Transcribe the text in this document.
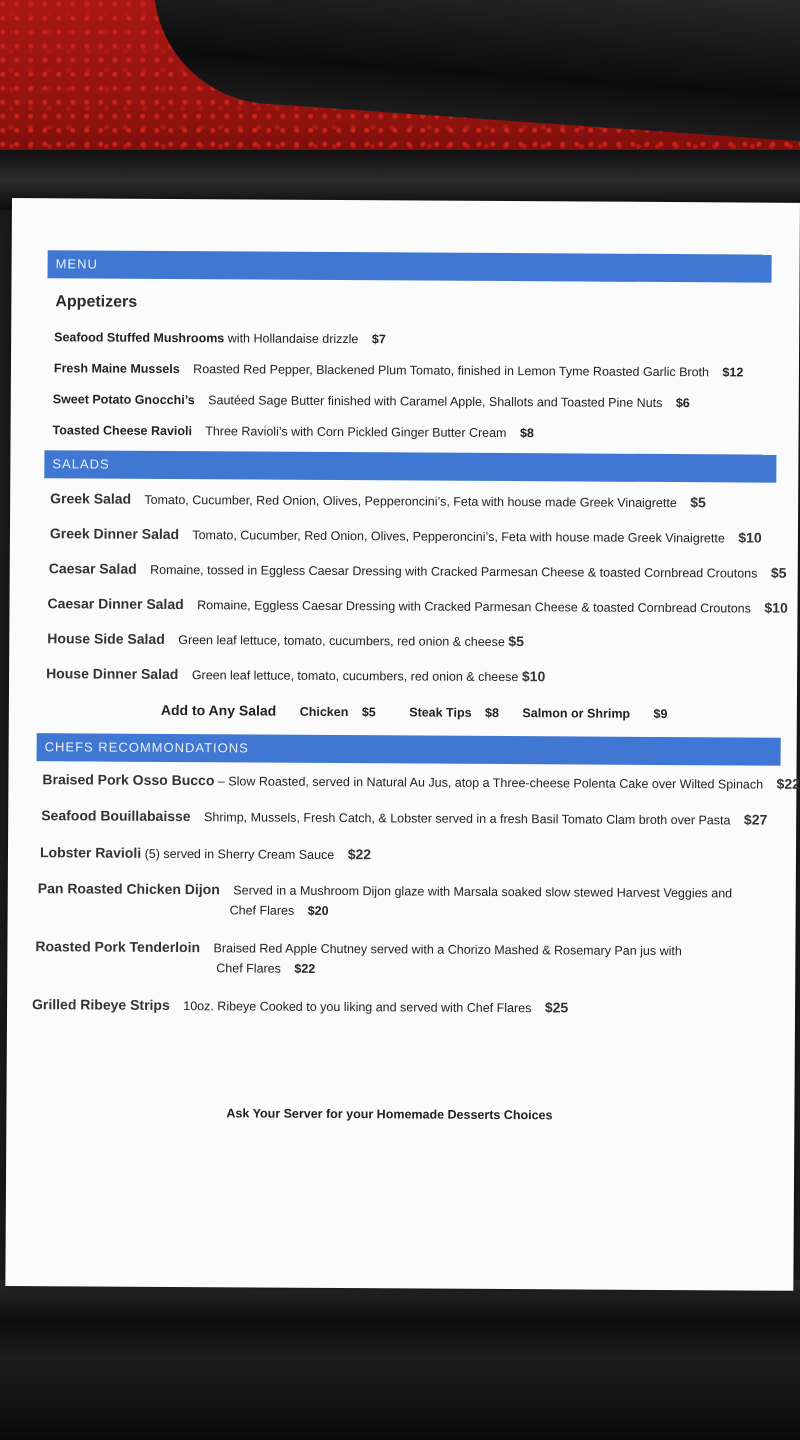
MENU
Appetizers
Seafood Stuffed Mushrooms with Hollandaise drizzle $7
Fresh Maine Mussels Roasted Red Pepper, Blackened Plum Tomato, finished in Lemon Tyme Roasted Garlic Broth $12
Sweet Potato Gnocchi’s Sautéed Sage Butter finished with Caramel Apple, Shallots and Toasted Pine Nuts $6
Toasted Cheese Ravioli Three Ravioli’s with Corn Pickled Ginger Butter Cream $8
SALADS
Greek Salad Tomato, Cucumber, Red Onion, Olives, Pepperoncini’s, Feta with house made Greek Vinaigrette $5
Greek Dinner Salad Tomato, Cucumber, Red Onion, Olives, Pepperoncini’s, Feta with house made Greek Vinaigrette $10
Caesar Salad Romaine, tossed in Eggless Caesar Dressing with Cracked Parmesan Cheese & toasted Cornbread Croutons $5
Caesar Dinner Salad Romaine, Eggless Caesar Dressing with Cracked Parmesan Cheese & toasted Cornbread Croutons $10
House Side Salad Green leaf lettuce, tomato, cucumbers, red onion & cheese $5
House Dinner Salad Green leaf lettuce, tomato, cucumbers, red onion & cheese $10
Add to Any Salad Chicken $5	Steak Tips $8 Salmon or Shrimp $9
CHEFS RECOMMONDATIONS
Braised Pork Osso Bucco – Slow Roasted, served in Natural Au Jus, atop a Three-cheese Polenta Cake over Wilted Spinach $22
Seafood Bouillabaisse Shrimp, Mussels, Fresh Catch, & Lobster served in a fresh Basil Tomato Clam broth over Pasta $27
Lobster Ravioli (5) served in Sherry Cream Sauce $22
Pan Roasted Chicken Dijon Served in a Mushroom Dijon glaze with Marsala soaked slow stewed Harvest Veggies and
Chef Flares $20
Roasted Pork Tenderloin Braised Red Apple Chutney served with a Chorizo Mashed & Rosemary Pan jus with
Chef Flares $22
Grilled Ribeye Strips 10oz. Ribeye Cooked to you liking and served with Chef Flares $25
Ask Your Server for your Homemade Desserts Choices
